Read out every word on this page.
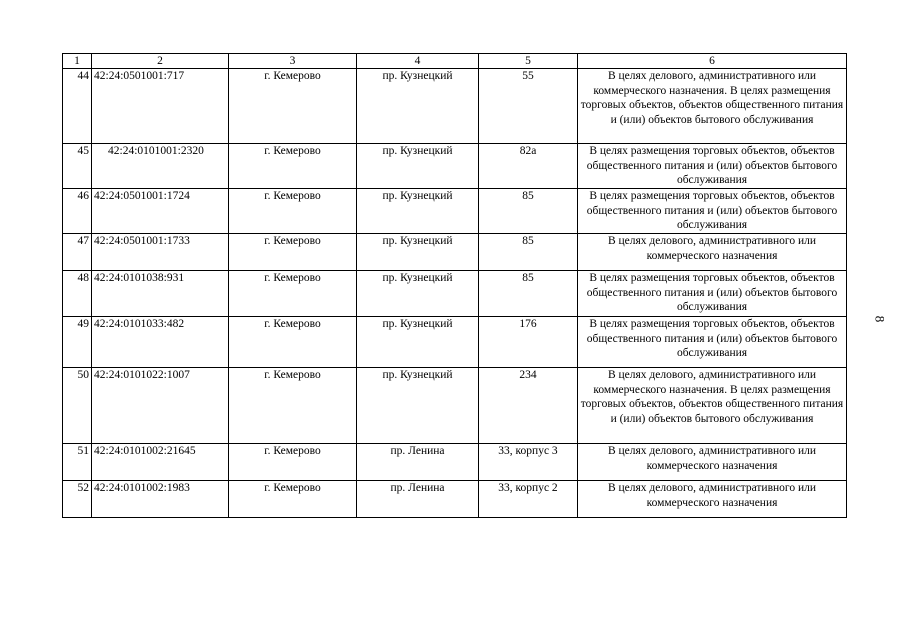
1	2	3	4	5	6
44	42:24:0501001:717	г. Кемерово	пр. Кузнецкий	55	В целях делового, административного или коммерческого назначения. В целях размещения торговых объектов, объектов общественного питания и (или) объектов бытового обслуживания
45	42:24:0101001:2320	г. Кемерово	пр. Кузнецкий	82а	В целях размещения торговых объектов, объектов общественного питания и (или) объектов бытового обслуживания
46	42:24:0501001:1724	г. Кемерово	пр. Кузнецкий	85	В целях размещения торговых объектов, объектов общественного питания и (или) объектов бытового обслуживания
47	42:24:0501001:1733	г. Кемерово	пр. Кузнецкий	85	В целях делового, административного или коммерческого назначения
48	42:24:0101038:931	г. Кемерово	пр. Кузнецкий	85	В целях размещения торговых объектов, объектов общественного питания и (или) объектов бытового обслуживания
49	42:24:0101033:482	г. Кемерово	пр. Кузнецкий	176	В целях размещения торговых объектов, объектов общественного питания и (или) объектов бытового обслуживания
50	42:24:0101022:1007	г. Кемерово	пр. Кузнецкий	234	В целях делового, административного или коммерческого назначения. В целях размещения торговых объектов, объектов общественного питания и (или) объектов бытового обслуживания
51	42:24:0101002:21645	г. Кемерово	пр. Ленина	33, корпус 3	В целях делового, административного или коммерческого назначения
52	42:24:0101002:1983	г. Кемерово	пр. Ленина	33, корпус 2	В целях делового, административного или коммерческого назначения
8
